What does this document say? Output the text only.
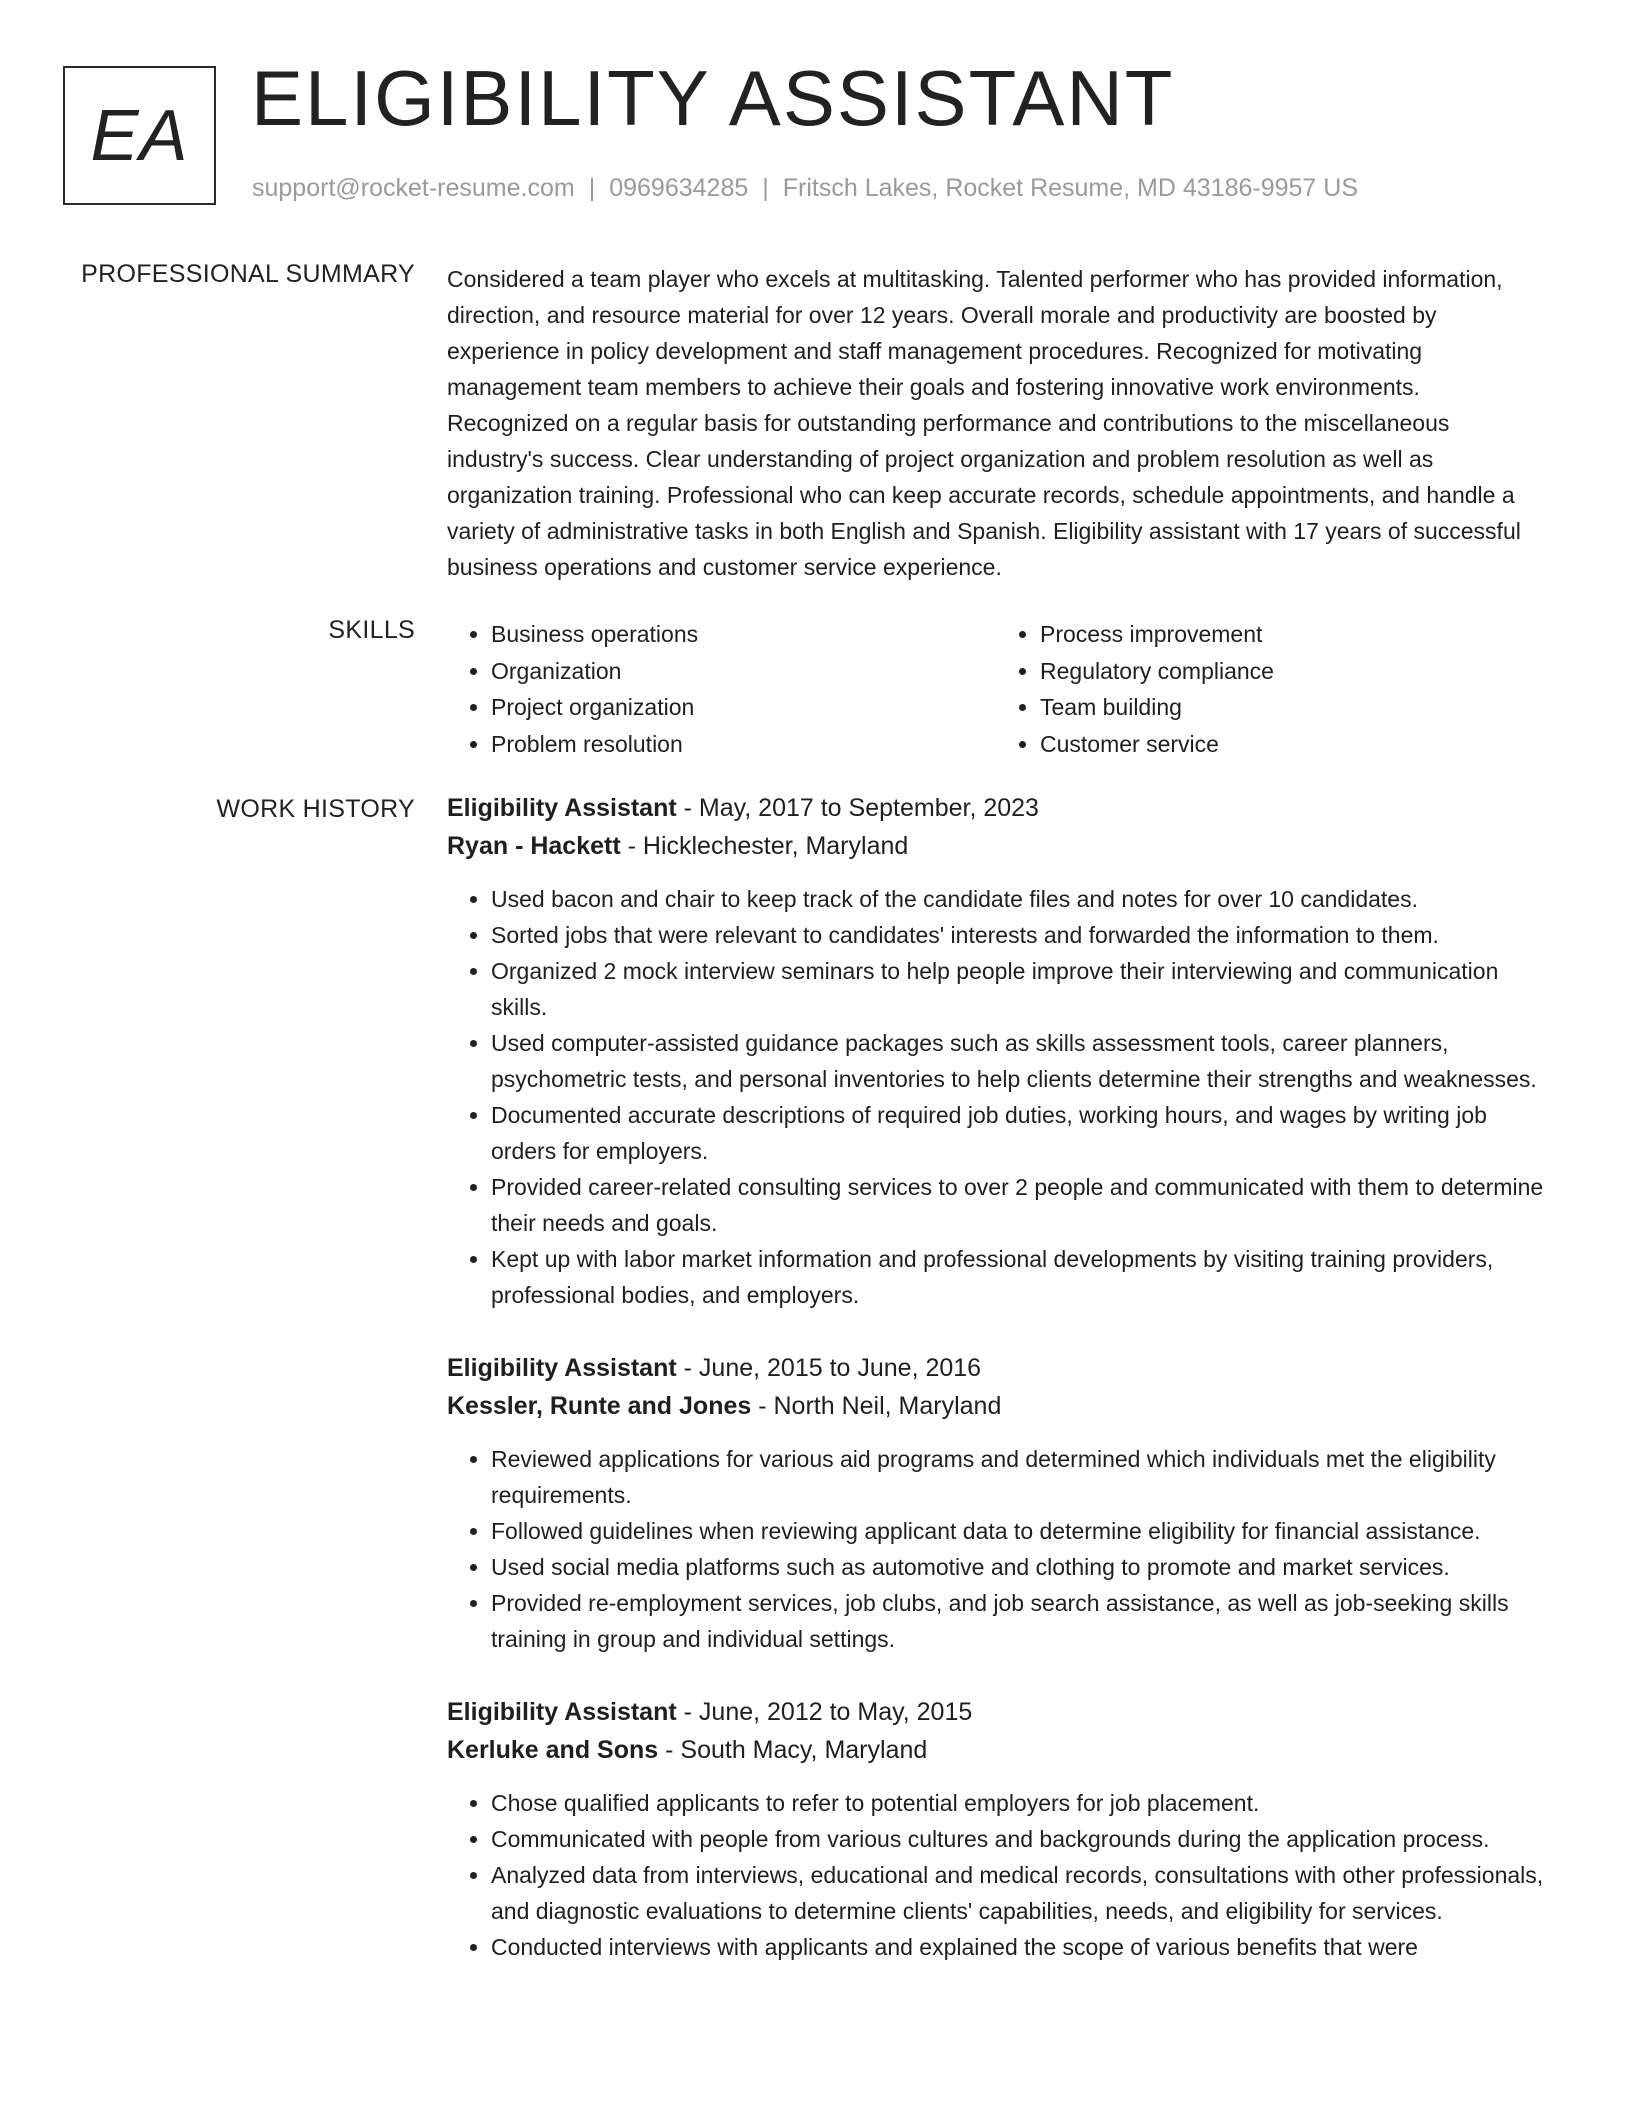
EA ELIGIBILITY ASSISTANT
support@rocket-resume.com | 0969634285 | Fritsch Lakes, Rocket Resume, MD 43186-9957 US
PROFESSIONAL SUMMARY Considered a team player who excels at multitasking. Talented performer who has provided information, direction, and resource material for over 12 years. Overall morale and productivity are boosted by experience in policy development and staff management procedures. Recognized for motivating management team members to achieve their goals and fostering innovative work environments. Recognized on a regular basis for outstanding performance and contributions to the miscellaneous industry's success. Clear understanding of project organization and problem resolution as well as organization training. Professional who can keep accurate records, schedule appointments, and handle a variety of administrative tasks in both English and Spanish. Eligibility assistant with 17 years of successful business operations and customer service experience.

SKILLS
•	Business operations
• Organization
• Project organization
• Problem resolution
• Process improvement
• Regulatory compliance
• Team building
• Customer service
WORK HISTORY Eligibility Assistant - May, 2017 to September, 2023
Ryan - Hackett - Hicklechester, Maryland
• Used bacon and chair to keep track of the candidate files and notes for over 10 candidates.
• Sorted jobs that were relevant to candidates' interests and forwarded the information to them.
• Organized 2 mock interview seminars to help people improve their interviewing and communication skills.
• Used computer-assisted guidance packages such as skills assessment tools, career planners, psychometric tests, and personal inventories to help clients determine their strengths and weaknesses.
• Documented accurate descriptions of required job duties, working hours, and wages by writing job orders for employers.
• Provided career-related consulting services to over 2 people and communicated with them to determine their needs and goals.
• Kept up with labor market information and professional developments by visiting training providers, professional bodies, and employers.
Eligibility Assistant - June, 2015 to June, 2016
Kessler, Runte and Jones - North Neil, Maryland
• Reviewed applications for various aid programs and determined which individuals met the eligibility requirements.
• Followed guidelines when reviewing applicant data to determine eligibility for financial assistance.
• Used social media platforms such as automotive and clothing to promote and market services.
• Provided re-employment services, job clubs, and job search assistance, as well as job-seeking skills training in group and individual settings.
Eligibility Assistant - June, 2012 to May, 2015
Kerluke and Sons - South Macy, Maryland
• Chose qualified applicants to refer to potential employers for job placement.
• Communicated with people from various cultures and backgrounds during the application process.
• Analyzed data from interviews, educational and medical records, consultations with other professionals, and diagnostic evaluations to determine clients' capabilities, needs, and eligibility for services.
• Conducted interviews with applicants and explained the scope of various benefits that were
